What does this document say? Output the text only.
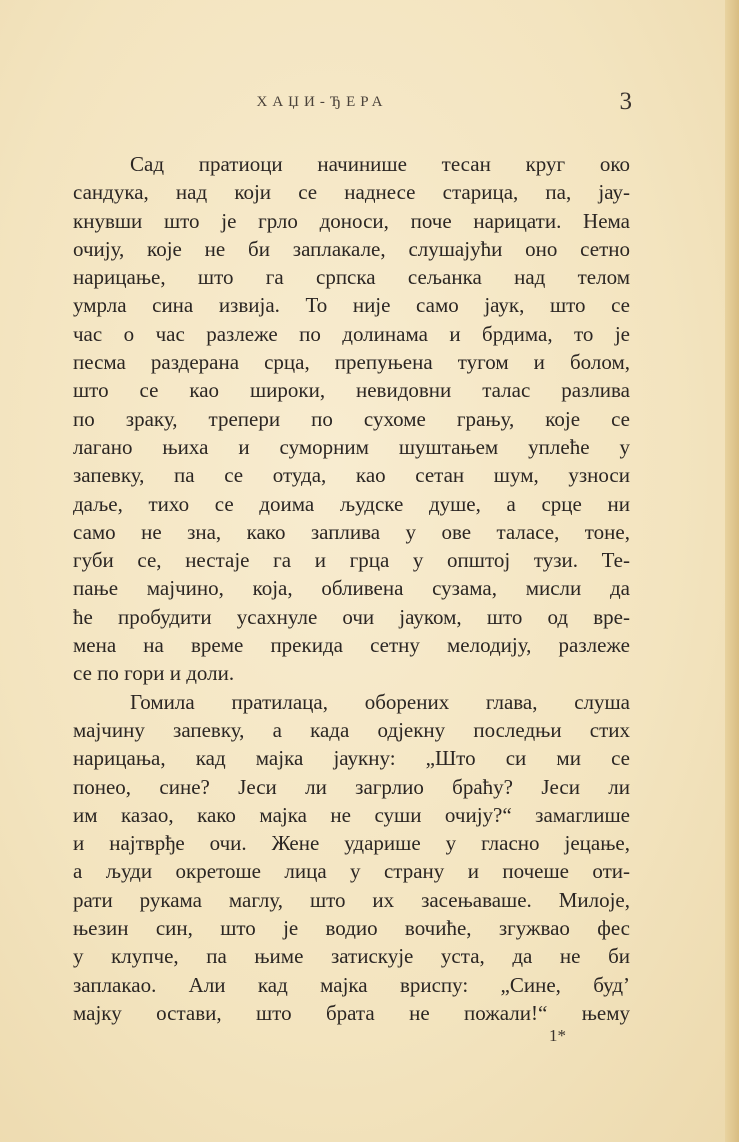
ХАЏИ-ЂЕРА	3
Сад пратиоци начинише тесан круг око
сандука, над који се наднесе старица, па, јау-
кнувши што је грло доноси, поче нарицати. Нема
очију, које не би заплакале, слушајући оно сетно
нарицање, што га српска сељанка над телом
умрла сина извија. То није само јаук, што се
час о час разлеже по долинама и брдима, то је
песма раздерана срца, препуњена тугом и болом,
што се као широки, невидовни талас разлива
по зраку, трепери по сухоме грању, које се
лагано њиха и суморним шуштањем уплеће у
запевку, па се отуда, као сетан шум, узноси
даље, тихо се дoима људске душе, а срце ни
само не зна, како заплива у ове таласе, тоне,
губи се, нестаје га и грца у општој тузи. Те-
пање мајчино, која, обливена сузама, мисли да
ће пробудити усахнуле очи јауком, што од вре-
мена на време прекида сетну мелодију, разлеже
се по гори и доли.
Гомила пратилаца, оборених глава, слуша
мајчину запевку, а када одјекну последњи стих
нарицања, кад мајка јаукну: „Што си ми се
понео, сине? Јеси ли загрлио браћу? Јеси ли
им казао, како мајка не суши очију?“ замаглише
и најтврђе очи. Жене ударише у гласно јецање,
а људи окретоше лица у страну и почеше оти-
рати рукама маглу, што их засењаваше. Милоје,
њезин син, што је водио вочиће, згужвао фес
у клупче, па њиме затискује уста, да не би
заплакао. Али кад мајка вриспу: „Сине, буд’
мајку остави, што брата не пожали!“ њему
1*
